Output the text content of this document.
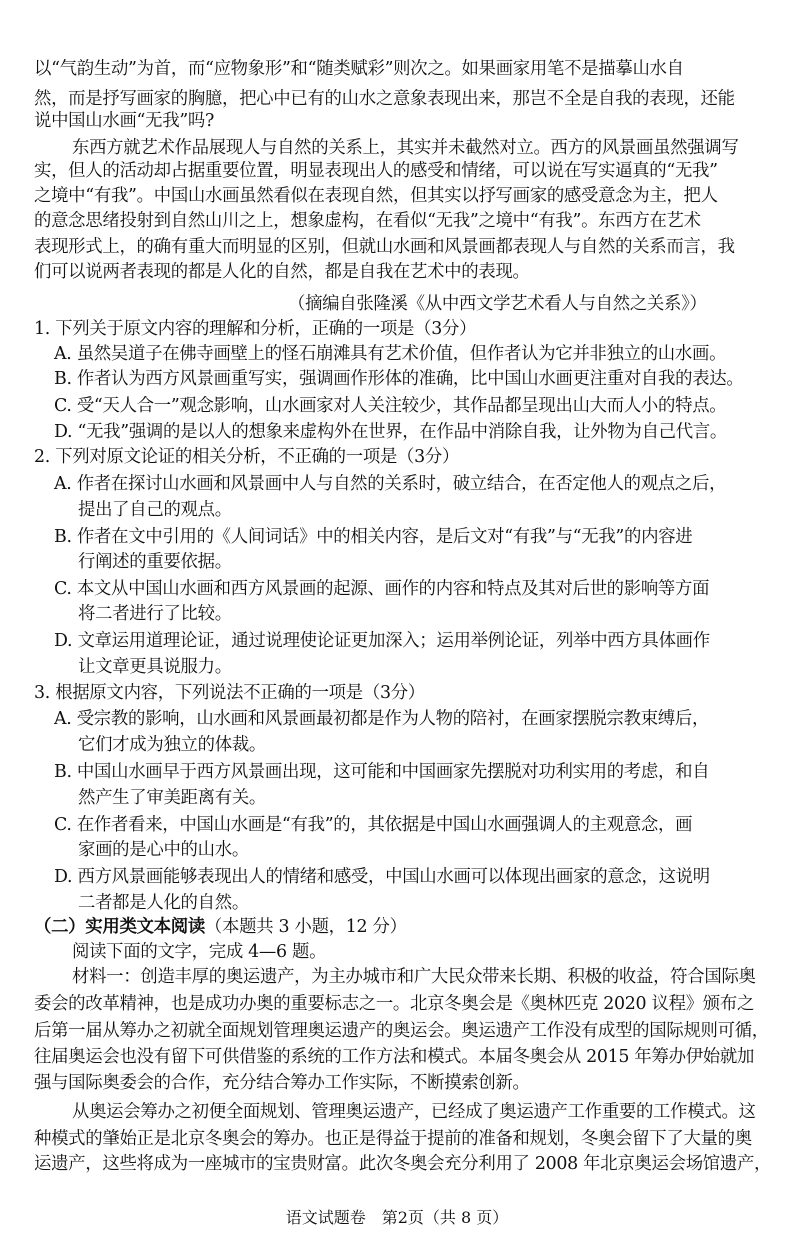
以“气韵生动”为首，而“应物象形”和“随类赋彩”则次之。如果画家用笔不是描摹山水自
然，而是抒写画家的胸臆，把心中已有的山水之意象表现出来，那岂不全是自我的表现，还能
说中国山水画“无我”吗?
东西方就艺术作品展现人与自然的关系上，其实并未截然对立。西方的风景画虽然强调写
实，但人的活动却占据重要位置，明显表现出人的感受和情绪，可以说在写实逼真的“无我”
之境中“有我”。中国山水画虽然看似在表现自然，但其实以抒写画家的感受意念为主，把人
的意念思绪投射到自然山川之上，想象虚构，在看似“无我”之境中“有我”。东西方在艺术
表现形式上，的确有重大而明显的区别，但就山水画和风景画都表现人与自然的关系而言，我
们可以说两者表现的都是人化的自然，都是自我在艺术中的表现。
（摘编自张隆溪《从中西文学艺术看人与自然之关系》）
1. 下列关于原文内容的理解和分析，正确的一项是（3分）
A. 虽然吴道子在佛寺画壁上的怪石崩滩具有艺术价值，但作者认为它并非独立的山水画。
B. 作者认为西方风景画重写实，强调画作形体的准确，比中国山水画更注重对自我的表达。
C. 受“天人合一”观念影响，山水画家对人关注较少，其作品都呈现出山大而人小的特点。
D. “无我”强调的是以人的想象来虚构外在世界，在作品中消除自我，让外物为自己代言。
2. 下列对原文论证的相关分析，不正确的一项是（3分）
A. 作者在探讨山水画和风景画中人与自然的关系时，破立结合，在否定他人的观点之后，
提出了自己的观点。
B. 作者在文中引用的《人间词话》中的相关内容，是后文对“有我”与“无我”的内容进
行阐述的重要依据。
C. 本文从中国山水画和西方风景画的起源、画作的内容和特点及其对后世的影响等方面
将二者进行了比较。
D. 文章运用道理论证，通过说理使论证更加深入；运用举例论证，列举中西方具体画作
让文章更具说服力。
3. 根据原文内容，下列说法不正确的一项是（3分）
A. 受宗教的影响，山水画和风景画最初都是作为人物的陪衬，在画家摆脱宗教束缚后，
它们才成为独立的体裁。
B. 中国山水画早于西方风景画出现，这可能和中国画家先摆脱对功利实用的考虑，和自
然产生了审美距离有关。
C. 在作者看来，中国山水画是“有我”的，其依据是中国山水画强调人的主观意念，画
家画的是心中的山水。
D. 西方风景画能够表现出人的情绪和感受，中国山水画可以体现出画家的意念，这说明
二者都是人化的自然。
（二）实用类文本阅读（本题共 3 小题，12 分）
阅读下面的文字，完成 4—6 题。
材料一：创造丰厚的奥运遗产，为主办城市和广大民众带来长期、积极的收益，符合国际奥
委会的改革精神，也是成功办奥的重要标志之一。北京冬奥会是《奥林匹克 2020 议程》颁布之
后第一届从筹办之初就全面规划管理奥运遗产的奥运会。奥运遗产工作没有成型的国际规则可循，
往届奥运会也没有留下可供借鉴的系统的工作方法和模式。本届冬奥会从 2015 年筹办伊始就加
强与国际奥委会的合作，充分结合筹办工作实际，不断摸索创新。
从奥运会筹办之初便全面规划、管理奥运遗产，已经成了奥运遗产工作重要的工作模式。这
种模式的肇始正是北京冬奥会的筹办。也正是得益于提前的准备和规划，冬奥会留下了大量的奥
运遗产，这些将成为一座城市的宝贵财富。此次冬奥会充分利用了 2008 年北京奥运会场馆遗产，
语文试题卷　第2页（共 8 页）
